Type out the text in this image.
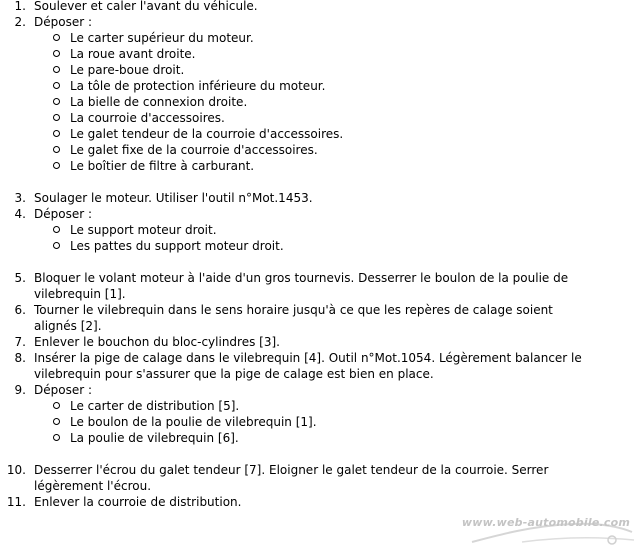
1. Soulever et caler l'avant du véhicule.
2. Déposer :
Le carter supérieur du moteur.
La roue avant droite.
Le pare-boue droit.
La tôle de protection inférieure du moteur.
La bielle de connexion droite.
La courroie d'accessoires.
Le galet tendeur de la courroie d'accessoires.
Le galet fixe de la courroie d'accessoires.
Le boîtier de filtre à carburant.
3. Soulager le moteur. Utiliser l'outil n°Mot.1453.
4. Déposer :
Le support moteur droit.
Les pattes du support moteur droit.
5. Bloquer le volant moteur à l'aide d'un gros tournevis. Desserrer le boulon de la poulie de vilebrequin [1].
6. Tourner le vilebrequin dans le sens horaire jusqu'à ce que les repères de calage soient alignés [2].
7. Enlever le bouchon du bloc-cylindres [3].
8. Insérer la pige de calage dans le vilebrequin [4]. Outil n°Mot.1054. Légèrement balancer le vilebrequin pour s'assurer que la pige de calage est bien en place.
9. Déposer :
Le carter de distribution [5].
Le boulon de la poulie de vilebrequin [1].
La poulie de vilebrequin [6].
10. Desserrer l'écrou du galet tendeur [7]. Eloigner le galet tendeur de la courroie. Serrer légèrement l'écrou.
11. Enlever la courroie de distribution.
www.web-automobile.com
